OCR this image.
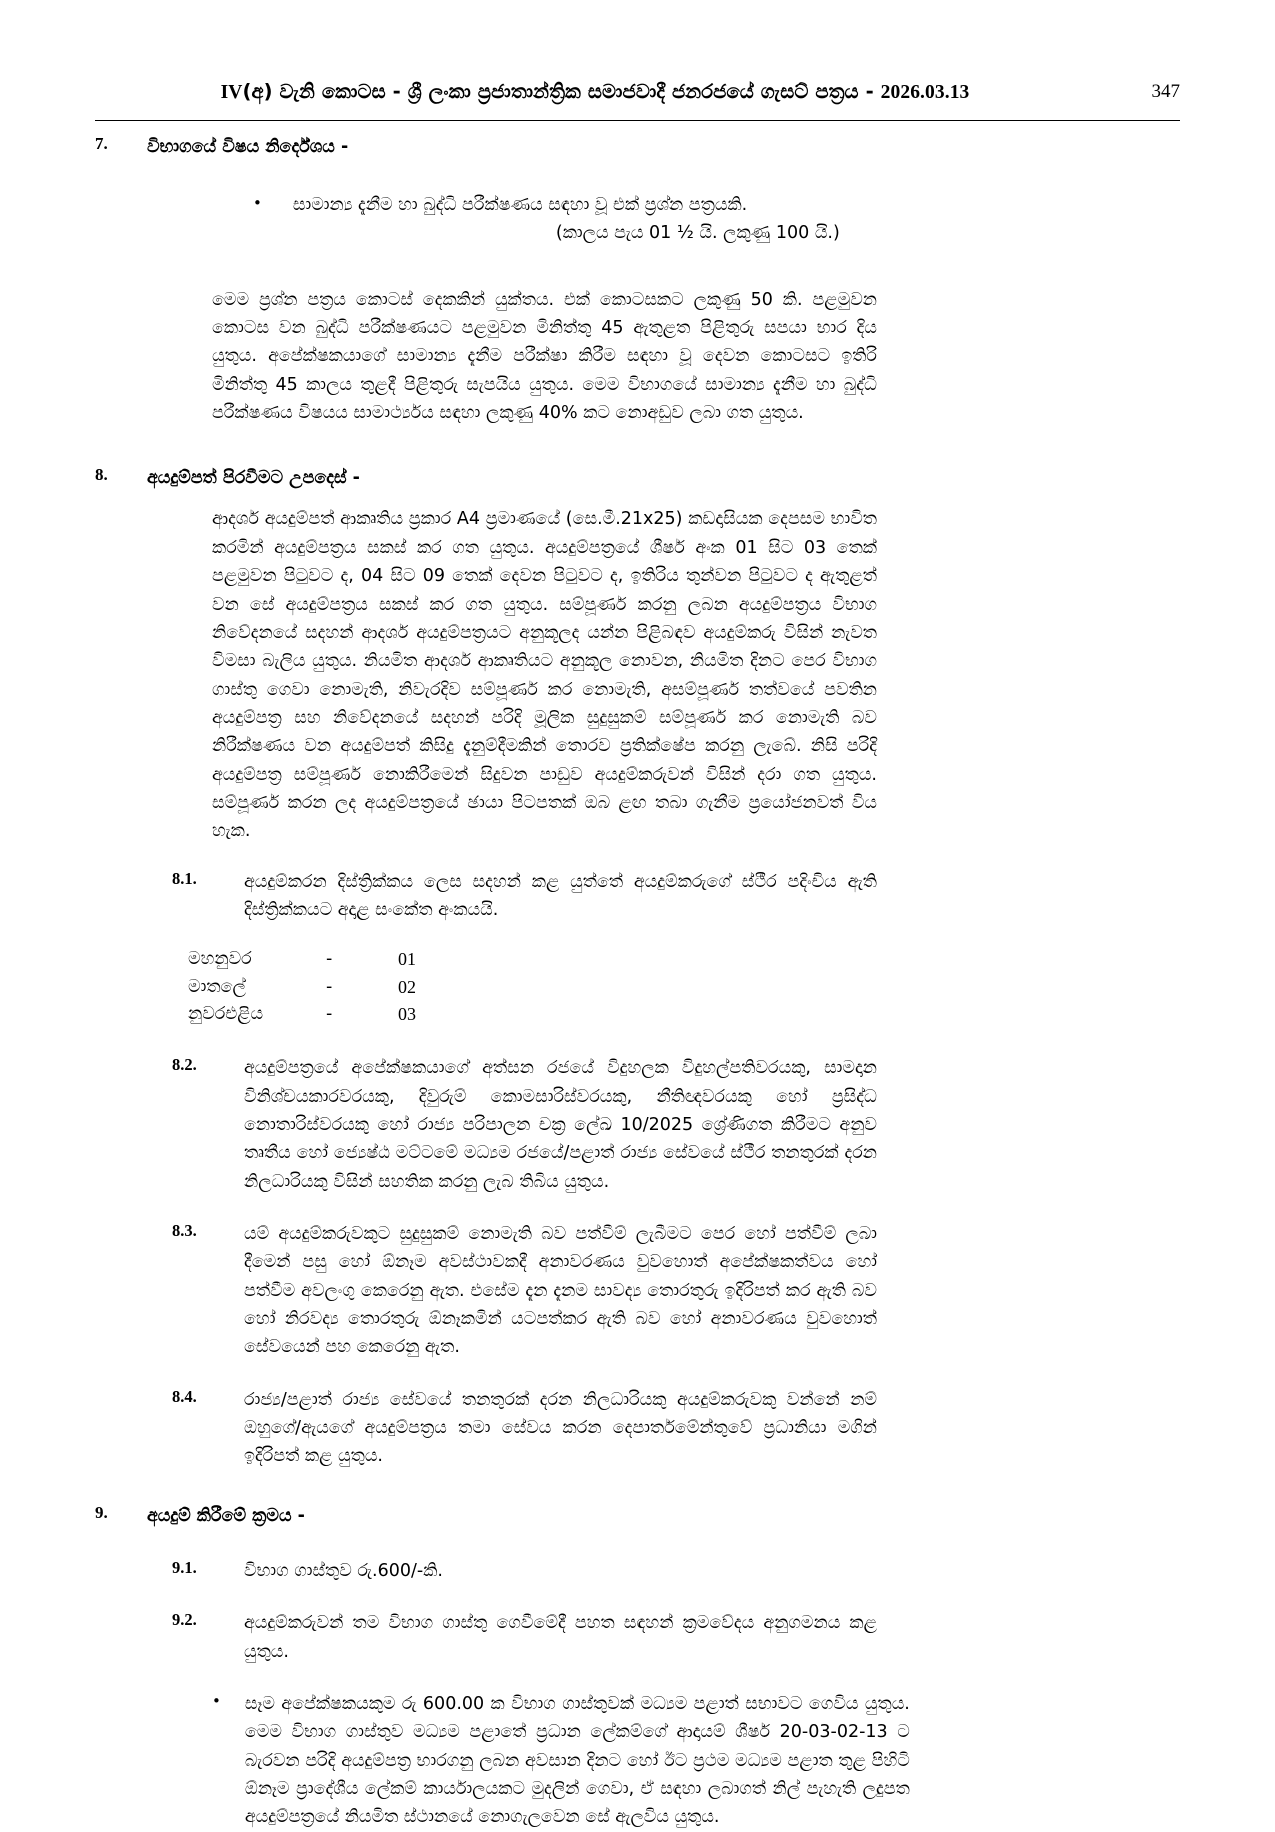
IV(අ) වැනි කොටස - ශ්‍රී ලංකා ප්‍රජාතාන්ත්‍රික සමාජවාදී ජනරජයේ ගැසට් පත්‍රය - 2026.03.13	347
7.	විභාගයේ විෂය නිර්දේශය -
• සාමාන්‍ය දැනීම හා බුද්ධි පරීක්ෂණය සඳහා වූ එක් ප්‍රශ්න පත්‍රයකි.
(කාලය පැය 01 ½ යි. ලකුණු 100 යි.)
මෙම ප්‍රශ්න පත්‍රය කොටස් දෙකකින් යුක්තය. එක් කොටසකට ලකුණු 50 කි. පළමුවන කොටස වන බුද්ධි පරීක්ෂණයට පළමුවන මිනිත්තු 45 ඇතුළත පිළිතුරු සපයා භාර දිය යුතුය. අපේක්ෂකයාගේ සාමාන්‍ය දැනීම පරීක්ෂා කිරීම සඳහා වූ දෙවන කොටසට ඉතිරි මිනිත්තු 45 කාලය තුළදී පිළිතුරු සැපයිය යුතුය. මෙම විභාගයේ සාමාන්‍ය දැනීම හා බුද්ධි පරීක්ෂණය විෂයය සාමාර්ථ්‍යය සඳහා ලකුණු 40% කට නොඅඩුව ලබා ගත යුතුය.
8.	අයදුම්පත් පිරවීමට උපදෙස් -
ආදර්ශ අයදුම්පත් ආකෘතිය ප්‍රකාර A4 ප්‍රමාණයේ (සෙ.මී.21x25) කඩදාසියක දෙපසම භාවිත කරමින් අයදුම්පත්‍රය සකස් කර ගත යුතුය. අයදුම්පත්‍රයේ ශීර්ෂ අංක 01 සිට 03 තෙක් පළමුවන පිටුවට ද, 04 සිට 09 තෙක් දෙවන පිටුවට ද, ඉතිරිය තුන්වන පිටුවට ද ඇතුළත් වන සේ අයදුම්පත්‍රය සකස් කර ගත යුතුය. සම්පූර්ණ කරනු ලබන අයදුම්පත්‍රය විභාග නිවේදනයේ සදහන් ආදර්ශ අයදුම්පත්‍රයට අනුකූලද යන්න පිළිබඳව අයදුම්කරු විසින් නැවත විමසා බැලිය යුතුය. නියමිත ආදර්ශ ආකෘතියට අනුකූල නොවන, නියමිත දිනට පෙර විභාග ගාස්තු ගෙවා නොමැති, නිවැරදිව සම්පූර්ණ කර නොමැති, අසම්පූර්ණ තත්වයේ පවතින අයදුම්පත්‍ර සහ නිවේදනයේ සදහන් පරිදි මූලික සුදුසුකම් සම්පූර්ණ කර නොමැති බව නිරීක්ෂණය වන අයදුම්පත් කිසිදු දැනුම්දීමකින් තොරව ප්‍රතික්ෂේප කරනු ලැබේ. නිසි පරිදි අයදුම්පත්‍ර සම්පූර්ණ නොකිරීමෙන් සිදුවන පාඩුව අයදුම්කරුවන් විසින් දරා ගත යුතුය. සම්පූර්ණ කරන ලද අයදුම්පත්‍රයේ ඡායා පිටපතක් ඔබ ළඟ තබා ගැනීම ප්‍රයෝජනවත් විය හැක.
8.1.	අයදුම්කරන දිස්ත්‍රික්කය ලෙස සදහන් කළ යුත්තේ අයදුම්කරුගේ ස්ථීර පදිංචිය ඇති දිස්ත්‍රික්කයට අදාළ සංකේත අංකයයි.
මහනුවර	-	01
මාතලේ	-	02
නුවරඑළිය	-	03
8.2.	අයදුම්පත්‍රයේ අපේක්ෂකයාගේ අත්සන රජයේ විදුහලක විදුහල්පතිවරයකු, සාමදාන විනිශ්චයකාරවරයකු, දිවුරුම් කොමසාරිස්වරයකු, නීතිඥවරයකු හෝ ප්‍රසිද්ධ නොතාරිස්වරයකු හෝ රාජ්‍ය පරිපාලන චක්‍ර ලේඛ 10/2025 ශ්‍රේණිගත කිරීමට අනුව තෘතීය හෝ ජ්‍යෙෂ්ඨ මට්ටමේ මධ්‍යම රජයේ/පළාත් රාජ්‍ය සේවයේ ස්ථීර තනතුරක් දරන නිලධාරියකු විසින් සහතික කරනු ලැබ තිබිය යුතුය.
8.3.	යම් අයදුම්කරුවකුට සුදුසුකම් නොමැති බව පත්වීම් ලැබීමට පෙර හෝ පත්වීම් ලබා දීමෙන් පසු හෝ ඕනෑම අවස්ථාවකදී අනාවරණය වුවහොත් අපේක්ෂකත්වය හෝ පත්වීම අවලංගු කෙරෙනු ඇත. එසේම දැන දැනම සාවද්‍ය තොරතුරු ඉදිරිපත් කර ඇති බව හෝ නිරවද්‍ය තොරතුරු ඕනෑකමින් යටපත්කර ඇති බව හෝ අනාවරණය වුවහොත් සේවයෙන් පහ කෙරෙනු ඇත.
8.4.	රාජ්‍ය/පළාත් රාජ්‍ය සේවයේ තනතුරක් දරන නිලධාරියකු අයදුම්කරුවකු වන්නේ නම් ඔහුගේ/ඇයගේ අයදුම්පත්‍රය තමා සේවය කරන දෙපාර්තමේන්තුවේ ප්‍රධානියා මගින් ඉදිරිපත් කළ යුතුය.
9.	අයදුම් කිරීමේ ක්‍රමය -
9.1.	විභාග ගාස්තුව රු.600/-කි.
9.2.	අයදුම්කරුවන් තම විභාග ගාස්තු ගෙවීමේදී පහත සඳහන් ක්‍රමවේදය අනුගමනය කළ යුතුය.
• සෑම අපේක්ෂකයකුම රු 600.00 ක විභාග ගාස්තුවක් මධ්‍යම පළාත් සභාවට ගෙවිය යුතුය. මෙම විභාග ගාස්තුව මධ්‍යම පළාතේ ප්‍රධාන ලේකම්ගේ ආදායම් ශීර්ෂ 20-03-02-13 ට බැරවන පරිදි අයදුම්පත්‍ර භාරගනු ලබන අවසාන දිනට හෝ ඊට ප්‍රථම මධ්‍යම පළාත තුළ පිහිටි ඕනෑම ප්‍රාදේශීය ලේකම් කාර්යාලයකට මුදලින් ගෙවා, ඒ සඳහා ලබාගත් නිල් පැහැති ලදුපත අයදුම්පත්‍රයේ නියමිත ස්ථානයේ නොගැලවෙන සේ ඇලවිය යුතුය.
